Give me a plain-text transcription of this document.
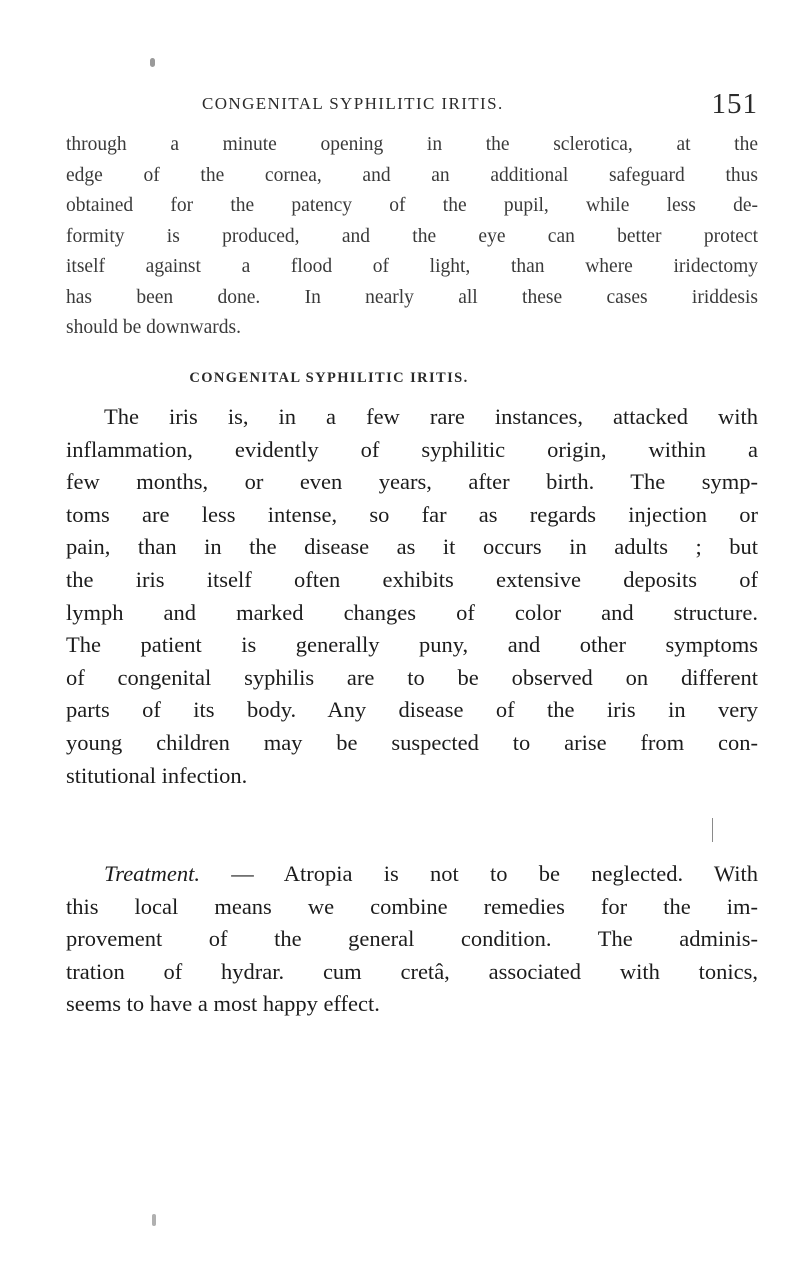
CONGENITAL SYPHILITIC IRITIS.	151

through a minute opening in the sclerotica, at the
edge of the cornea, and an additional safeguard thus
obtained for the patency of the pupil, while less de-
formity is produced, and the eye can better protect
itself against a flood of light, than where iridectomy
has been done. In nearly all these cases iriddesis
should be downwards.

CONGENITAL SYPHILITIC IRITIS.

The iris is, in a few rare instances, attacked with
inflammation, evidently of syphilitic origin, within a
few months, or even years, after birth. The symp-
toms are less intense, so far as regards injection or
pain, than in the disease as it occurs in adults ; but
the iris itself often exhibits extensive deposits of
lymph and marked changes of color and structure.
The patient is generally puny, and other symptoms
of congenital syphilis are to be observed on different
parts of its body. Any disease of the iris in very
young children may be suspected to arise from con-
stitutional infection.

Treatment. — Atropia is not to be neglected. With
this local means we combine remedies for the im-
provement of the general condition. The adminis-
tration of hydrar. cum cretâ, associated with tonics,
seems to have a most happy effect.
